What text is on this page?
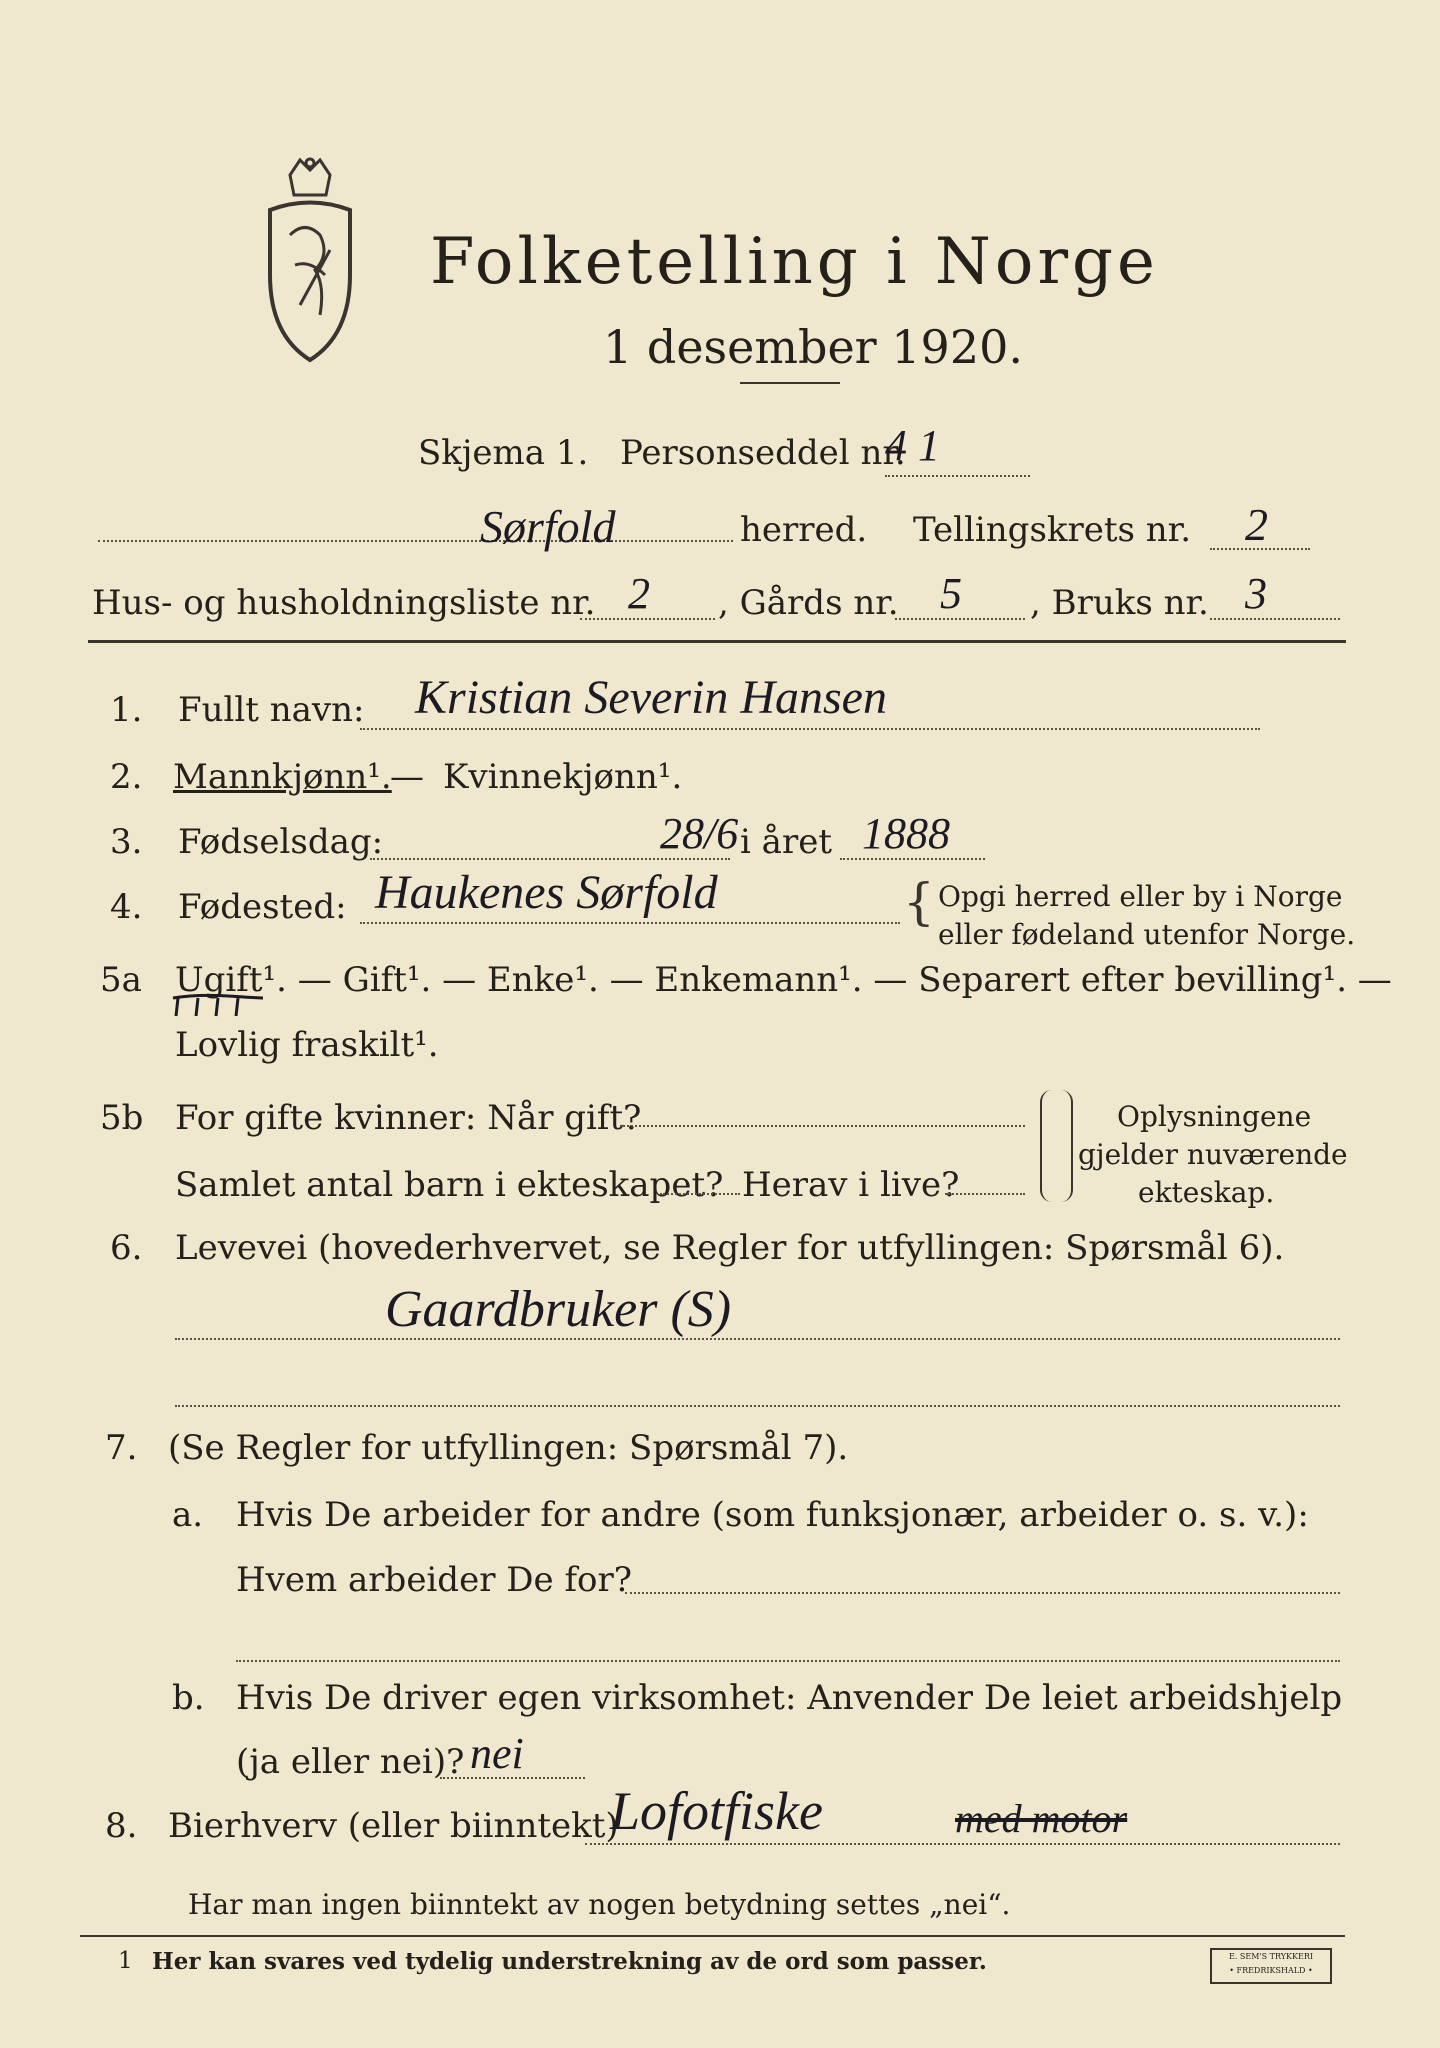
Folketelling i Norge
1 desember 1920.
Skjema 1. Personseddel nr.
4 1
Sørfold	herred. Tellingskrets nr. 2
Hus- og husholdningsliste nr. 2 , Gårds nr. 5 , Bruks nr. 3
1. Fullt navn: Kristian Severin Hansen
2. Mannkjønn¹.
— Kvinnekjønn¹.
3. Fødselsdag:	28/6 i året 1888
4. Fødested: Haukenes Sørfold	{ Opgi herred eller by i Norge
eller fødeland utenfor Norge.
5a Ugift¹. — Gift¹. — Enke¹. — Enkemann¹. — Separert efter bevilling¹. —
Lovlig fraskilt¹.
5b For gifte kvinner: Når gift?
Samlet antal barn i ekteskapet? Herav i live?
Oplysningene
gjelder nuværende
ekteskap.
6. Levevei (hovederhvervet, se Regler for utfyllingen: Spørsmål 6).
Gaardbruker (S)
7. (Se Regler for utfyllingen: Spørsmål 7).
a. Hvis De arbeider for andre (som funksjonær, arbeider o. s. v.):
Hvem arbeider De for?
b. Hvis De driver egen virksomhet: Anvender De leiet arbeidshjelp
(ja eller nei)? nei
8. Bierhverv (eller biinntekt)
Lofotfiske	med motor
Har man ingen biinntekt av nogen betydning settes „nei“.
1 Her kan svares ved tydelig understrekning av de ord som passer.	E. SEM'S TRYKKERI
• FREDRIKSHALD •
